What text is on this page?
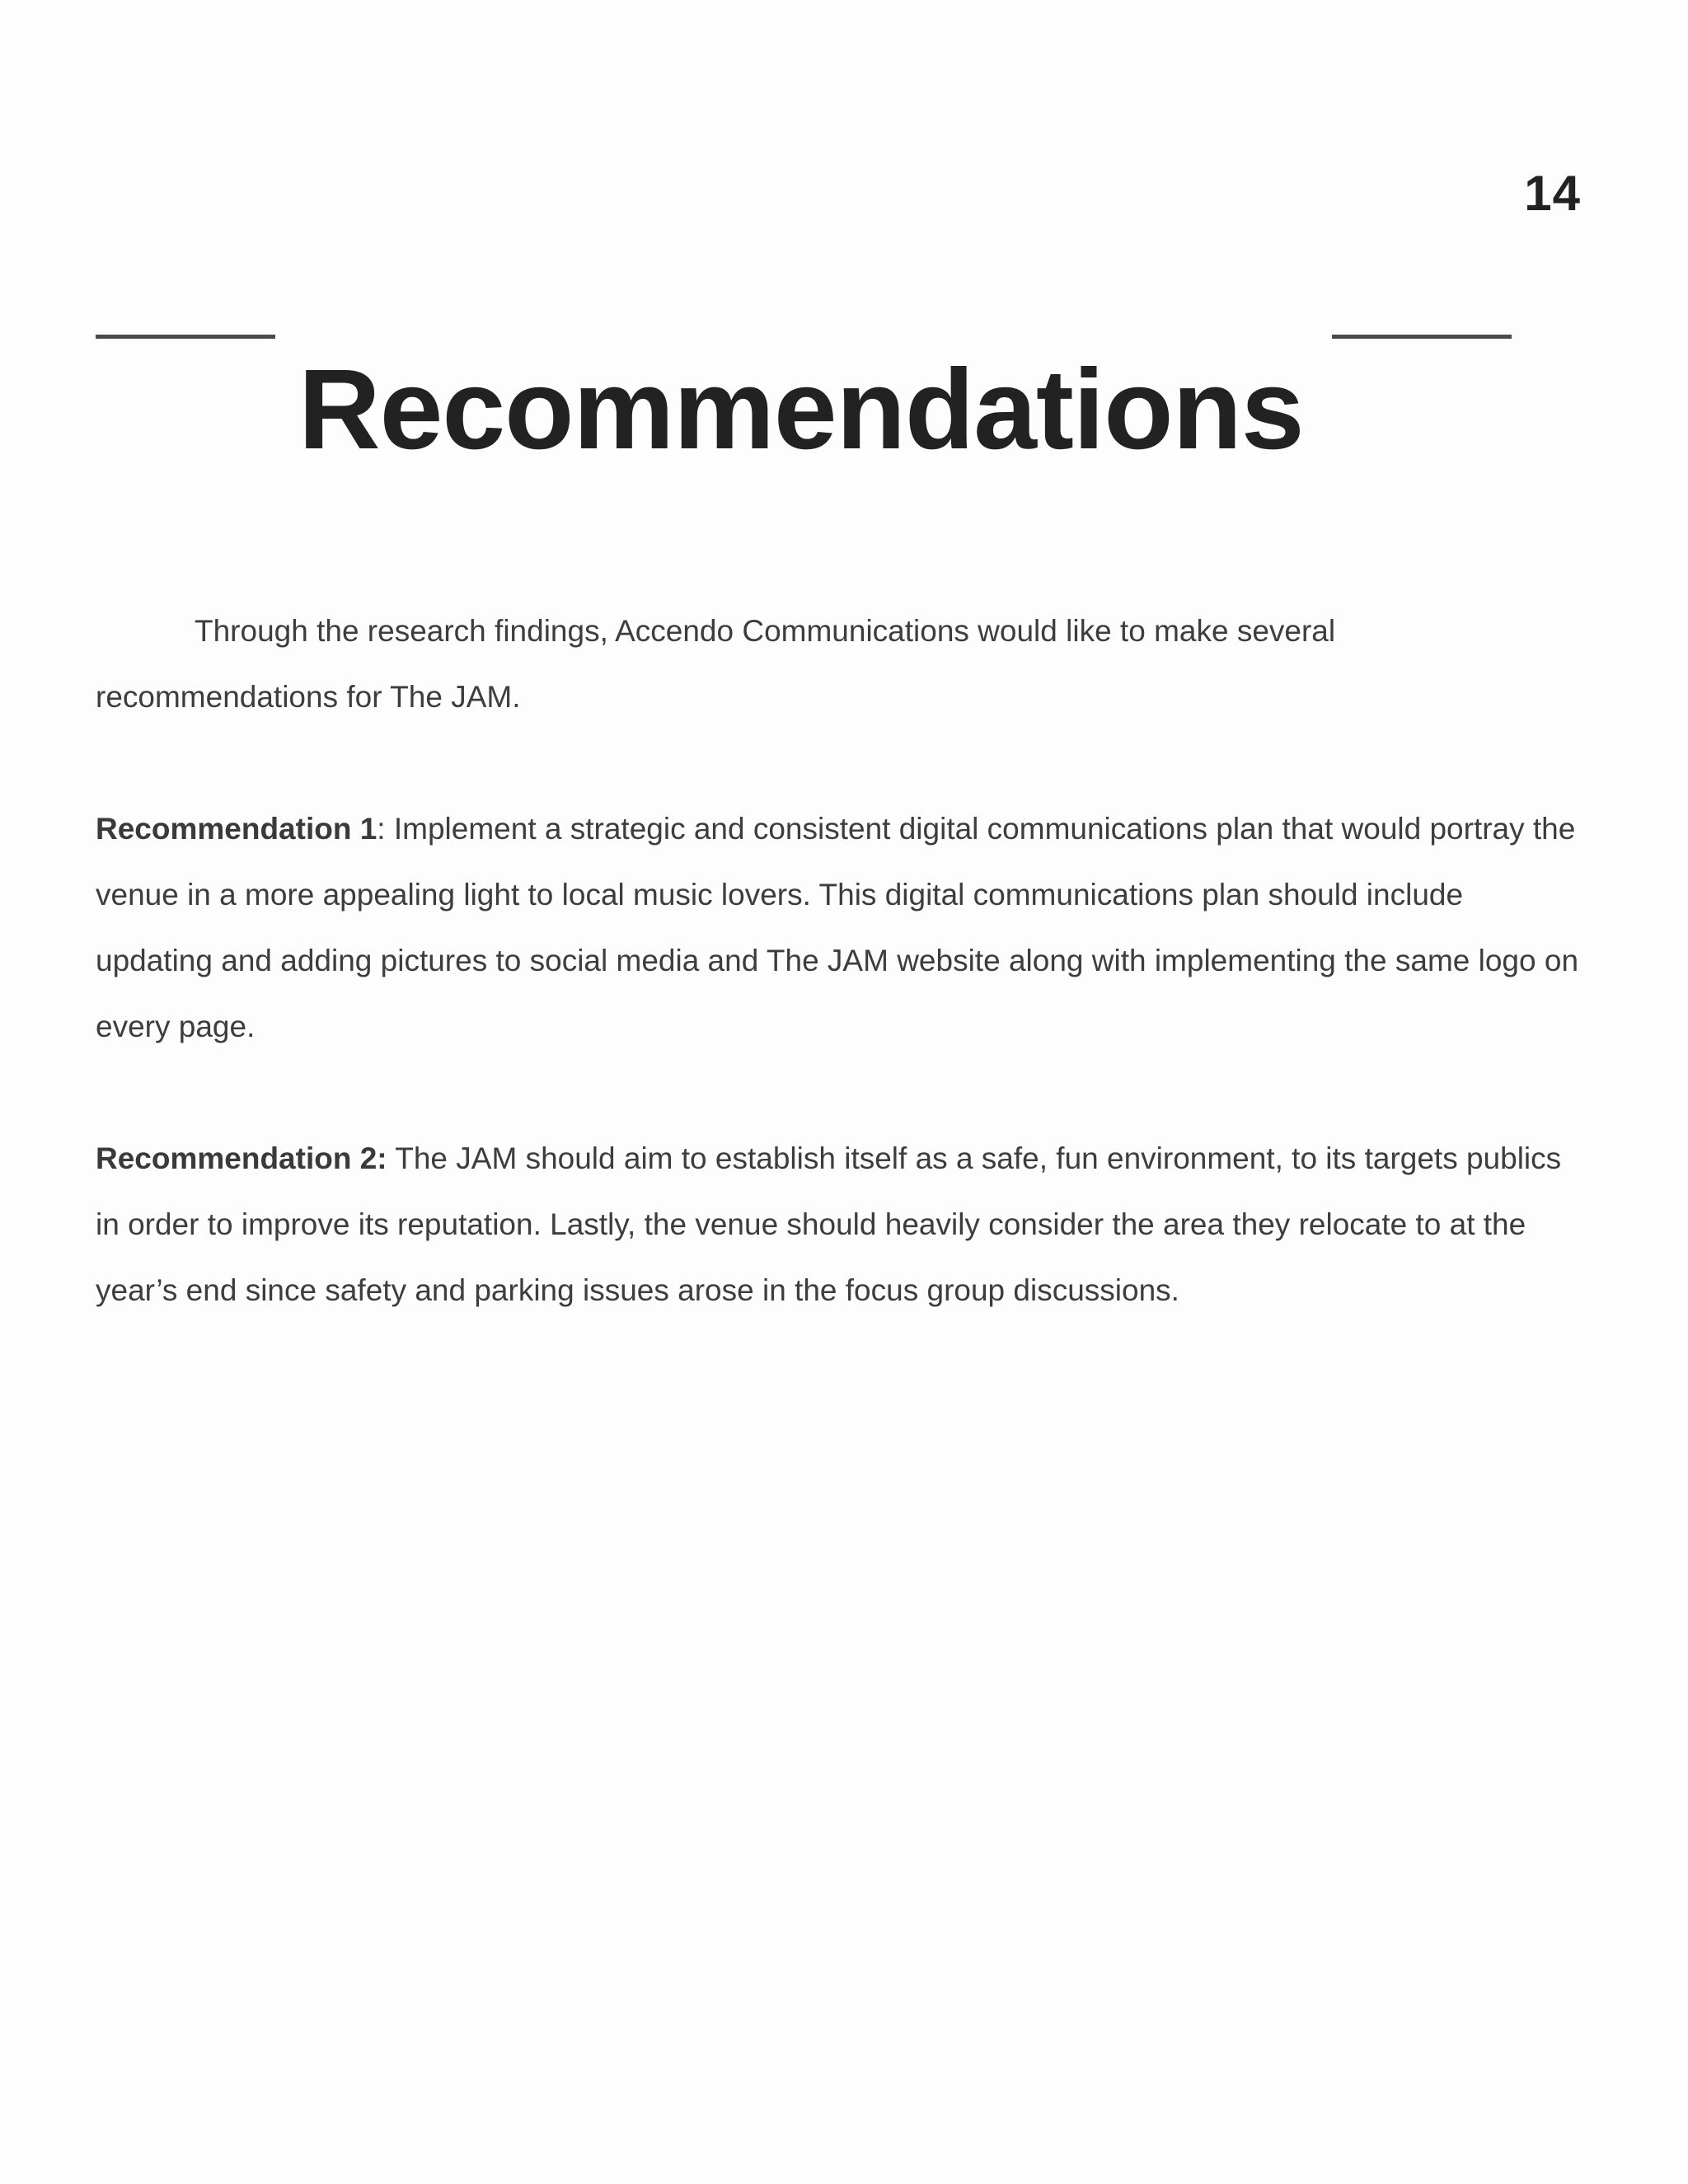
14
Recommendations

Through the research findings, Accendo Communications would like to make several recommendations for The JAM.

Recommendation 1: Implement a strategic and consistent digital communications plan that would portray the venue in a more appealing light to local music lovers. This digital communications plan should include updating and adding pictures to social media and The JAM website along with implementing the same logo on every page.

Recommendation 2: The JAM should aim to establish itself as a safe, fun environment, to its targets publics in order to improve its reputation. Lastly, the venue should heavily consider the area they relocate to at the year’s end since safety and parking issues arose in the focus group discussions.
